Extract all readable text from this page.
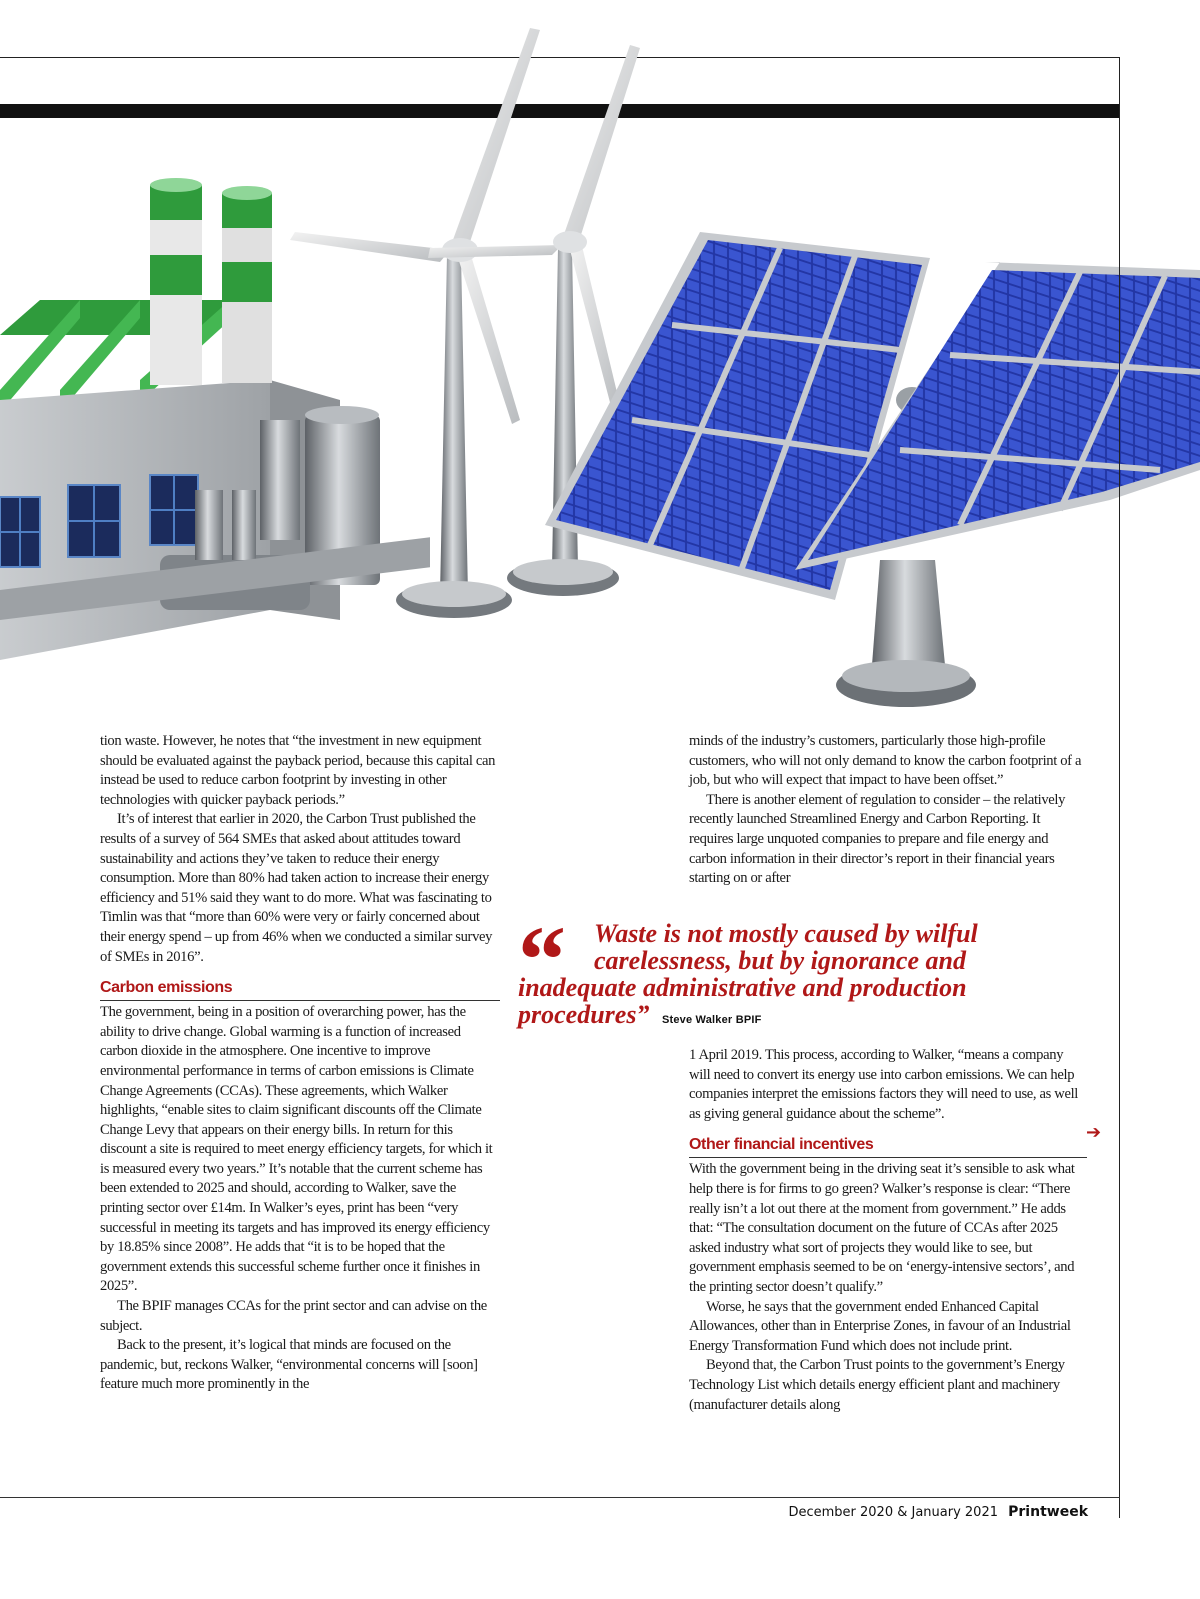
tion waste. However, he notes that “the investment in new equipment should be evaluated against the payback period, because this capital can instead be used to reduce carbon footprint by investing in other technologies with quicker payback periods.”

It’s of interest that earlier in 2020, the Carbon Trust published the results of a survey of 564 SMEs that asked about attitudes toward sustainability and actions they’ve taken to reduce their energy consumption. More than 80% had taken action to increase their energy efficiency and 51% said they want to do more. What was fascinating to Timlin was that “more than 60% were very or fairly concerned about their energy spend – up from 46% when we conducted a similar survey of SMEs in 2016”.

Carbon emissions

The government, being in a position of overarching power, has the ability to drive change. Global warming is a function of increased carbon dioxide in the atmosphere. One incentive to improve environmental performance in terms of carbon emissions is Climate Change Agreements (CCAs). These agreements, which Walker highlights, “enable sites to claim significant discounts off the Climate Change Levy that appears on their energy bills. In return for this discount a site is required to meet energy efficiency targets, for which it is measured every two years.” It’s notable that the current scheme has been extended to 2025 and should, according to Walker, save the printing sector over £14m. In Walker’s eyes, print has been “very successful in meeting its targets and has improved its energy efficiency by 18.85% since 2008”. He adds that “it is to be hoped that the government extends this successful scheme further once it finishes in 2025”.

The BPIF manages CCAs for the print sector and can advise on the subject.

Back to the present, it’s logical that minds are focused on the pandemic, but, reckons Walker, “environmental concerns will [soon] feature much more prominently in the

minds of the industry’s customers, particularly those high-profile customers, who will not only demand to know the carbon footprint of a job, but who will expect that impact to have been offset.”

There is another element of regulation to consider – the relatively recently launched Streamlined Energy and Carbon Reporting. It requires large unquoted companies to prepare and file energy and carbon information in their director’s report in their financial years starting on or after

“	Waste is not mostly caused by wilful
carelessness, but by ignorance and
inadequate administrative and production
procedures” Steve Walker BPIF

1 April 2019. This process, according to Walker, “means a company will need to convert its energy use into carbon emissions. We can help companies interpret the emissions factors they will need to use, as well as giving general guidance about the scheme”.

Other financial incentives

With the government being in the driving seat it’s sensible to ask what help there is for firms to go green? Walker’s response is clear: “There really isn’t a lot out there at the moment from government.” He adds that: “The consultation document on the future of CCAs after 2025 asked industry what sort of projects they would like to see, but government emphasis seemed to be on ‘energy-intensive sectors’, and the printing sector doesn’t qualify.”

Worse, he says that the government ended Enhanced Capital Allowances, other than in Enterprise Zones, in favour of an Industrial Energy Transformation Fund which does not include print.

Beyond that, the Carbon Trust points to the government’s Energy Technology List which details energy efficient plant and machinery (manufacturer details along

➔
December 2020 & January 2021 Printweek
